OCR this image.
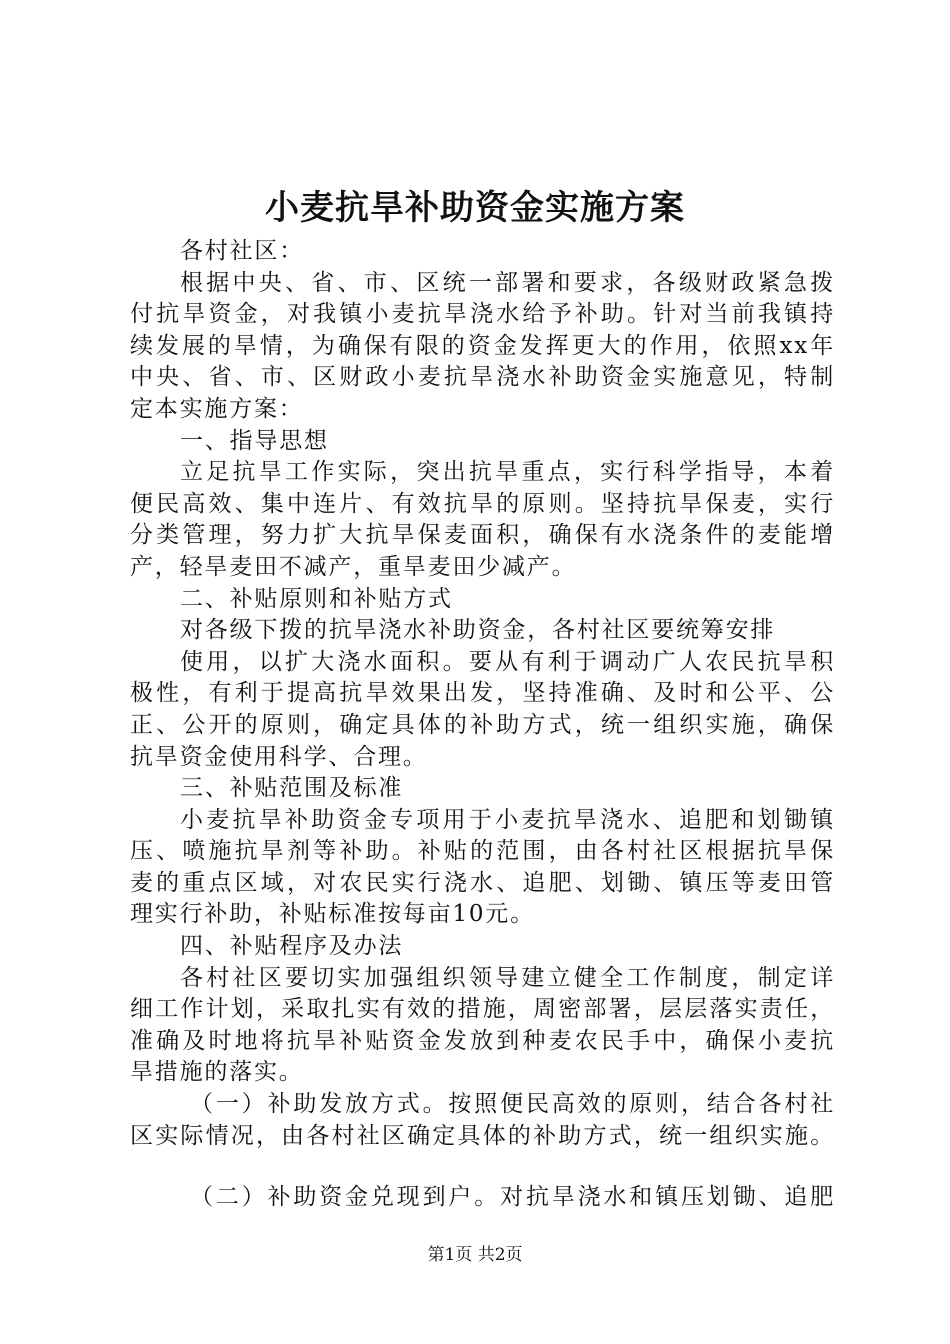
小麦抗旱补助资金实施方案
各村社区：
根据中央、省、市、区统一部署和要求，各级财政紧急拨
付抗旱资金，对我镇小麦抗旱浇水给予补助。针对当前我镇持
续发展的旱情，为确保有限的资金发挥更大的作用，依照xx年
中央、省、市、区财政小麦抗旱浇水补助资金实施意见，特制
定本实施方案：
一、指导思想
立足抗旱工作实际，突出抗旱重点，实行科学指导，本着
便民高效、集中连片、有效抗旱的原则。坚持抗旱保麦，实行
分类管理，努力扩大抗旱保麦面积，确保有水浇条件的麦能增
产，轻旱麦田不减产，重旱麦田少减产。
二、补贴原则和补贴方式
对各级下拨的抗旱浇水补助资金，各村社区要统筹安排
使用，以扩大浇水面积。要从有利于调动广人农民抗旱积
极性，有利于提高抗旱效果出发，坚持准确、及时和公平、公
正、公开的原则，确定具体的补助方式，统一组织实施，确保
抗旱资金使用科学、合理。
三、补贴范围及标准
小麦抗旱补助资金专项用于小麦抗旱浇水、追肥和划锄镇
压、喷施抗旱剂等补助。补贴的范围，由各村社区根据抗旱保
麦的重点区域，对农民实行浇水、追肥、划锄、镇压等麦田管
理实行补助，补贴标准按每亩10元。
四、补贴程序及办法
各村社区要切实加强组织领导建立健全工作制度，制定详
细工作计划，采取扎实有效的措施，周密部署，层层落实责任，
准确及时地将抗旱补贴资金发放到种麦农民手中，确保小麦抗
旱措施的落实。
（一）补助发放方式。按照便民高效的原则，结合各村社
区实际情况，由各村社区确定具体的补助方式，统一组织实施。
（二）补助资金兑现到户。对抗旱浇水和镇压划锄、追肥
第1页 共2页
